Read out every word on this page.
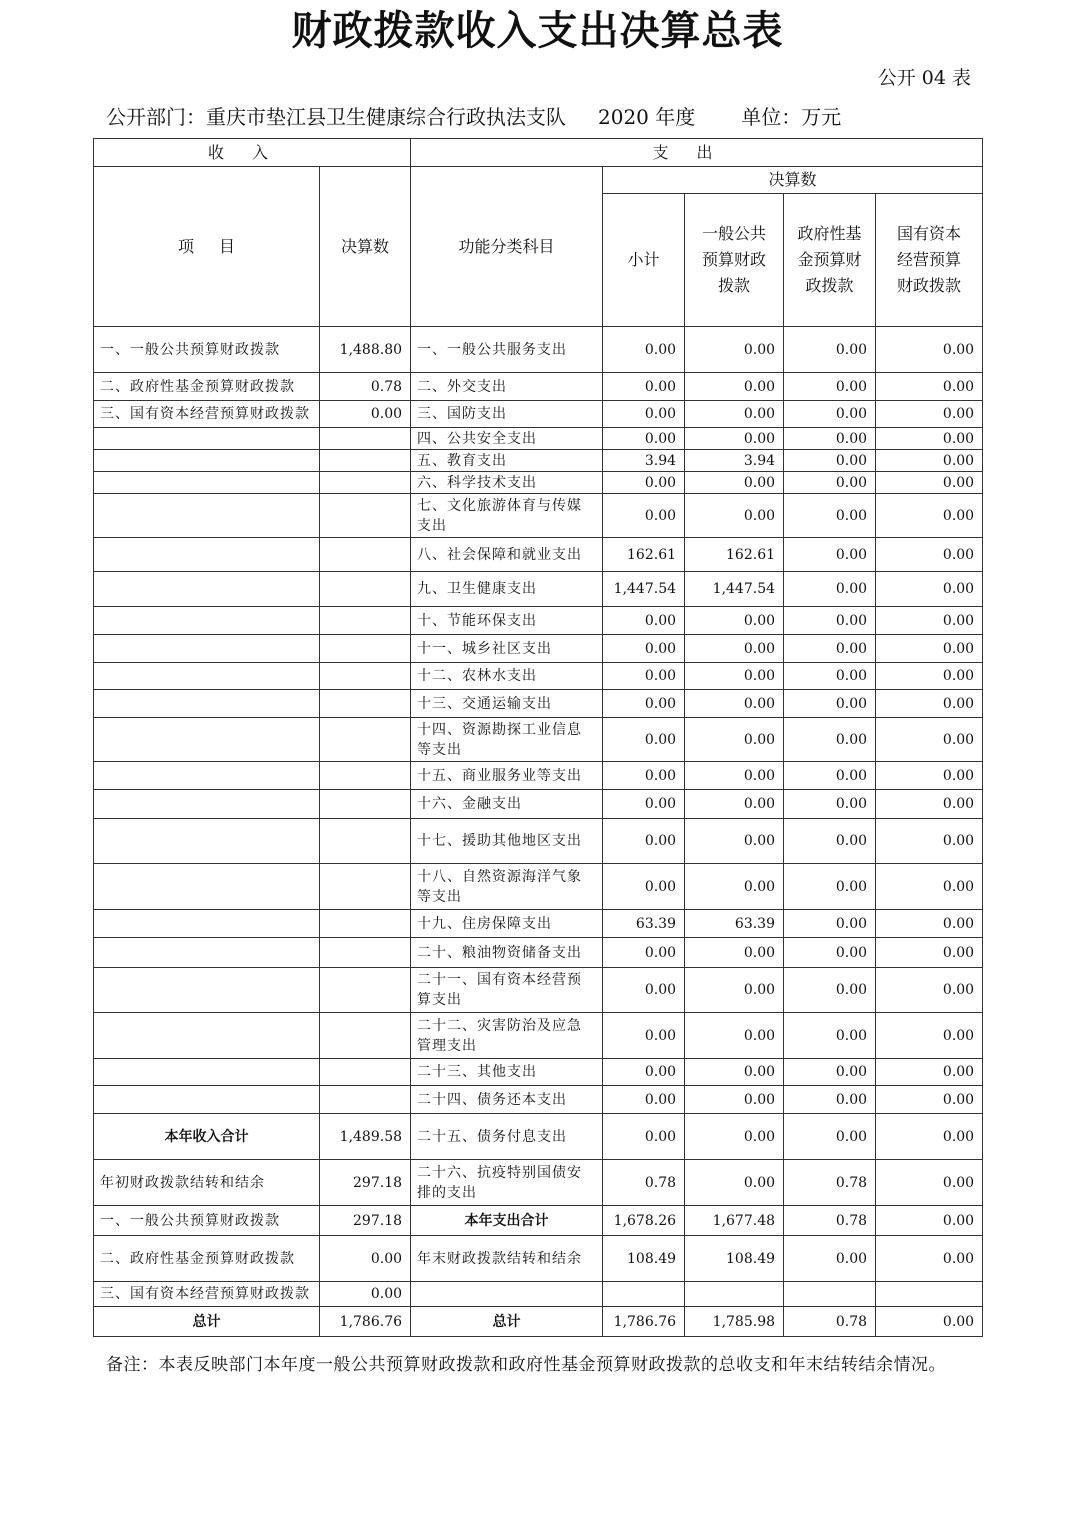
财政拨款收入支出决算总表
公开 04 表
公开部门：重庆市垫江县卫生健康综合行政执法支队 2020 年度 单位：万元
收入		支出				
项 目	决算数	功能分类科目	决算数			
			小计	一般公共预算财政拨款	政府性基金预算财政拨款	国有资本经营预算财政拨款
一、一般公共预算财政拨款	1,488.80	一、一般公共服务支出	0.00	0.00	0.00	0.00
二、政府性基金预算财政拨款	0.78	二、外交支出	0.00	0.00	0.00	0.00
三、国有资本经营预算财政拨款	0.00	三、国防支出	0.00	0.00	0.00	0.00
		四、公共安全支出	0.00	0.00	0.00	0.00
		五、教育支出	3.94	3.94	0.00	0.00
		六、科学技术支出	0.00	0.00	0.00	0.00
		七、文化旅游体育与传媒支出	0.00	0.00	0.00	0.00
		八、社会保障和就业支出	162.61	162.61	0.00	0.00
		九、卫生健康支出	1,447.54	1,447.54	0.00	0.00
		十、节能环保支出	0.00	0.00	0.00	0.00
		十一、城乡社区支出	0.00	0.00	0.00	0.00
		十二、农林水支出	0.00	0.00	0.00	0.00
		十三、交通运输支出	0.00	0.00	0.00	0.00
		十四、资源勘探工业信息等支出	0.00	0.00	0.00	0.00
		十五、商业服务业等支出	0.00	0.00	0.00	0.00
		十六、金融支出	0.00	0.00	0.00	0.00
		十七、援助其他地区支出	0.00	0.00	0.00	0.00
		十八、自然资源海洋气象等支出	0.00	0.00	0.00	0.00
		十九、住房保障支出	63.39	63.39	0.00	0.00
		二十、粮油物资储备支出	0.00	0.00	0.00	0.00
		二十一、国有资本经营预算支出	0.00	0.00	0.00	0.00
		二十二、灾害防治及应急管理支出	0.00	0.00	0.00	0.00
		二十三、其他支出	0.00	0.00	0.00	0.00
		二十四、债务还本支出	0.00	0.00	0.00	0.00
本年收入合计	1,489.58	二十五、债务付息支出	0.00	0.00	0.00	0.00
年初财政拨款结转和结余	297.18	二十六、抗疫特别国债安排的支出	0.78	0.00	0.78	0.00
一、一般公共预算财政拨款	297.18	本年支出合计	1,678.26	1,677.48	0.78	0.00
二、政府性基金预算财政拨款	0.00	年末财政拨款结转和结余	108.49	108.49	0.00	0.00
三、国有资本经营预算财政拨款	0.00					
总计	1,786.76	总计	1,786.76	1,785.98	0.78	0.00
备注：本表反映部门本年度一般公共预算财政拨款和政府性基金预算财政拨款的总收支和年末结转结余情况。
